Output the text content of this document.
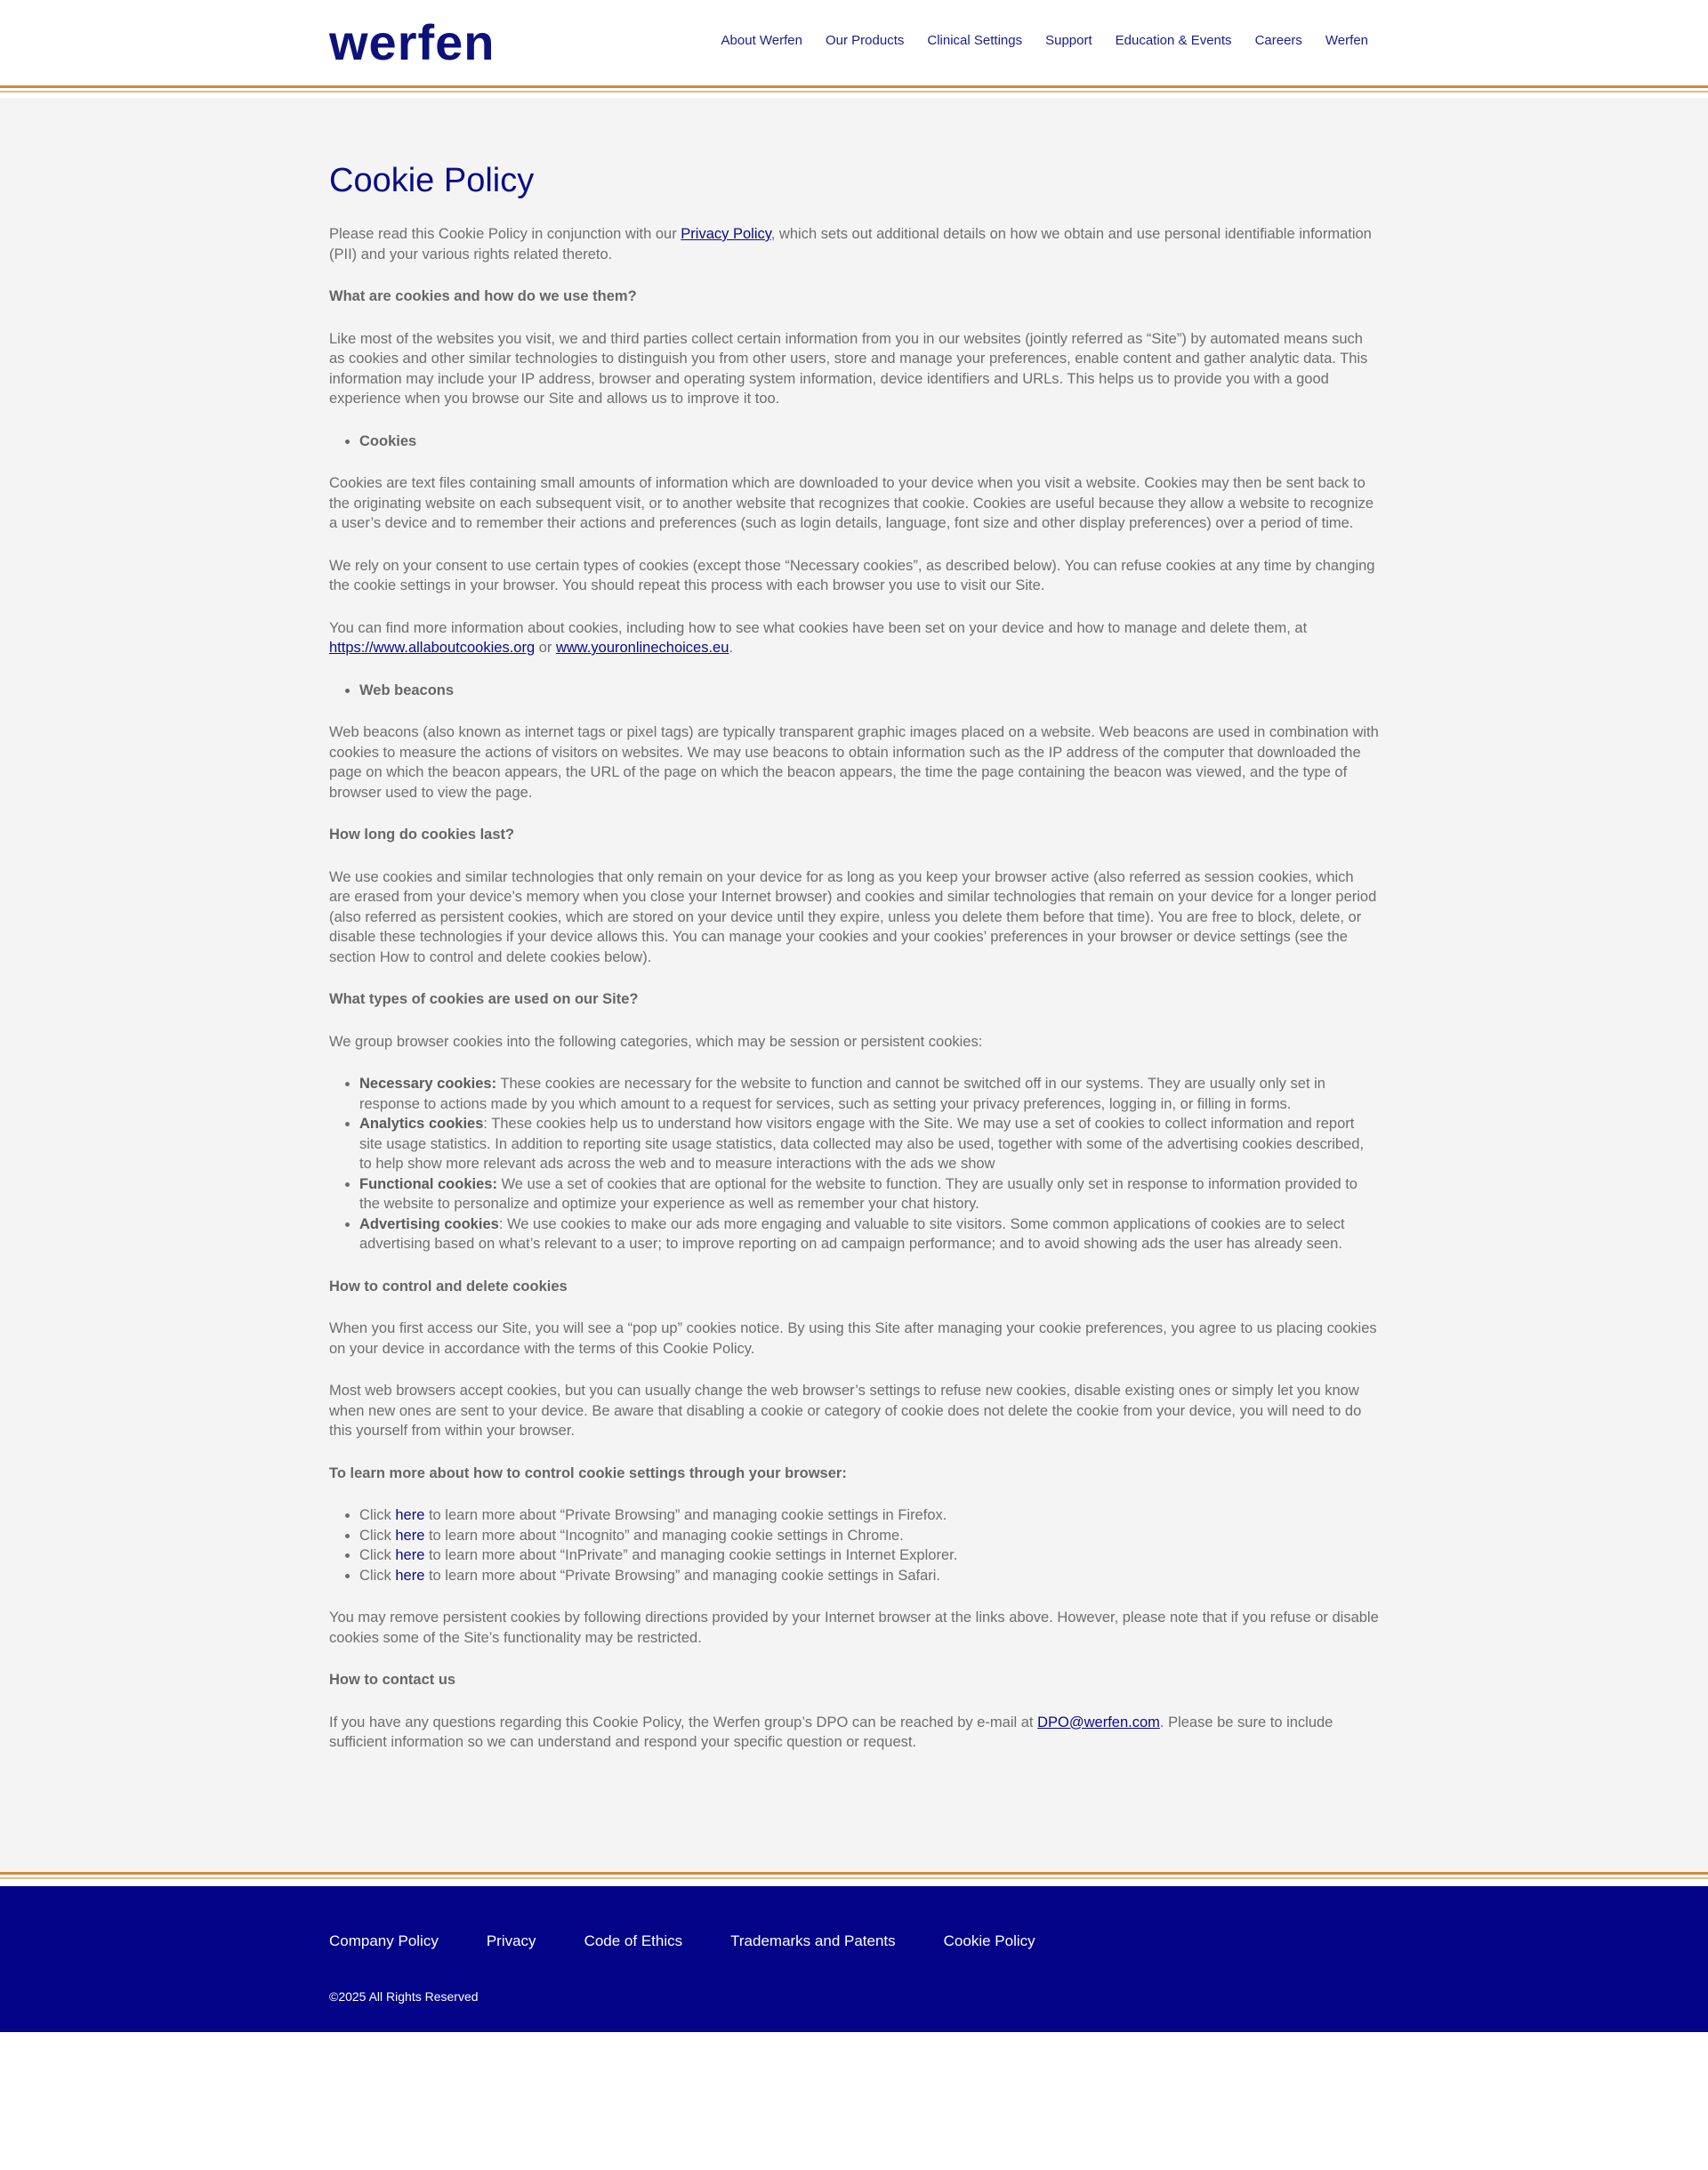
werfen	About Werfen Our Products Clinical Settings Support Education & Events Careers Werfen
Cookie Policy

Please read this Cookie Policy in conjunction with our Privacy Policy, which sets out additional details on how we obtain and use personal identifiable information (PII) and your various rights related thereto.

What are cookies and how do we use them?

Like most of the websites you visit, we and third parties collect certain information from you in our websites (jointly referred as “Site”) by automated means such as cookies and other similar technologies to distinguish you from other users, store and manage your preferences, enable content and gather analytic data. This information may include your IP address, browser and operating system information, device identifiers and URLs. This helps us to provide you with a good experience when you browse our Site and allows us to improve it too.

• Cookies

Cookies are text files containing small amounts of information which are downloaded to your device when you visit a website. Cookies may then be sent back to the originating website on each subsequent visit, or to another website that recognizes that cookie. Cookies are useful because they allow a website to recognize a user’s device and to remember their actions and preferences (such as login details, language, font size and other display preferences) over a period of time.

We rely on your consent to use certain types of cookies (except those “Necessary cookies”, as described below). You can refuse cookies at any time by changing the cookie settings in your browser. You should repeat this process with each browser you use to visit our Site.

You can find more information about cookies, including how to see what cookies have been set on your device and how to manage and delete them, at https://www.allaboutcookies.org or www.youronlinechoices.eu.

• Web beacons

Web beacons (also known as internet tags or pixel tags) are typically transparent graphic images placed on a website. Web beacons are used in combination with cookies to measure the actions of visitors on websites. We may use beacons to obtain information such as the IP address of the computer that downloaded the page on which the beacon appears, the URL of the page on which the beacon appears, the time the page containing the beacon was viewed, and the type of browser used to view the page.

How long do cookies last?

We use cookies and similar technologies that only remain on your device for as long as you keep your browser active (also referred as session cookies, which are erased from your device’s memory when you close your Internet browser) and cookies and similar technologies that remain on your device for a longer period (also referred as persistent cookies, which are stored on your device until they expire, unless you delete them before that time). You are free to block, delete, or disable these technologies if your device allows this. You can manage your cookies and your cookies’ preferences in your browser or device settings (see the section How to control and delete cookies below).

What types of cookies are used on our Site?

We group browser cookies into the following categories, which may be session or persistent cookies:

• Necessary cookies: These cookies are necessary for the website to function and cannot be switched off in our systems. They are usually only set in response to actions made by you which amount to a request for services, such as setting your privacy preferences, logging in, or filling in forms.
• Analytics cookies: These cookies help us to understand how visitors engage with the Site. We may use a set of cookies to collect information and report site usage statistics. In addition to reporting site usage statistics, data collected may also be used, together with some of the advertising cookies described, to help show more relevant ads across the web and to measure interactions with the ads we show
• Functional cookies: We use a set of cookies that are optional for the website to function. They are usually only set in response to information provided to the website to personalize and optimize your experience as well as remember your chat history.
• Advertising cookies: We use cookies to make our ads more engaging and valuable to site visitors. Some common applications of cookies are to select advertising based on what’s relevant to a user; to improve reporting on ad campaign performance; and to avoid showing ads the user has already seen.

How to control and delete cookies

When you first access our Site, you will see a “pop up” cookies notice. By using this Site after managing your cookie preferences, you agree to us placing cookies on your device in accordance with the terms of this Cookie Policy.

Most web browsers accept cookies, but you can usually change the web browser’s settings to refuse new cookies, disable existing ones or simply let you know when new ones are sent to your device. Be aware that disabling a cookie or category of cookie does not delete the cookie from your device, you will need to do this yourself from within your browser.

To learn more about how to control cookie settings through your browser:

• Click here to learn more about “Private Browsing” and managing cookie settings in Firefox.
• Click here to learn more about “Incognito” and managing cookie settings in Chrome.
• Click here to learn more about “InPrivate” and managing cookie settings in Internet Explorer.
• Click here to learn more about “Private Browsing” and managing cookie settings in Safari.

You may remove persistent cookies by following directions provided by your Internet browser at the links above. However, please note that if you refuse or disable cookies some of the Site’s functionality may be restricted.

How to contact us

If you have any questions regarding this Cookie Policy, the Werfen group’s DPO can be reached by e-mail at DPO@werfen.com. Please be sure to include sufficient information so we can understand and respond your specific question or request.

Company Policy	Privacy	Code of Ethics	Trademarks and Patents	Cookie Policy
©2025 All Rights Reserved
